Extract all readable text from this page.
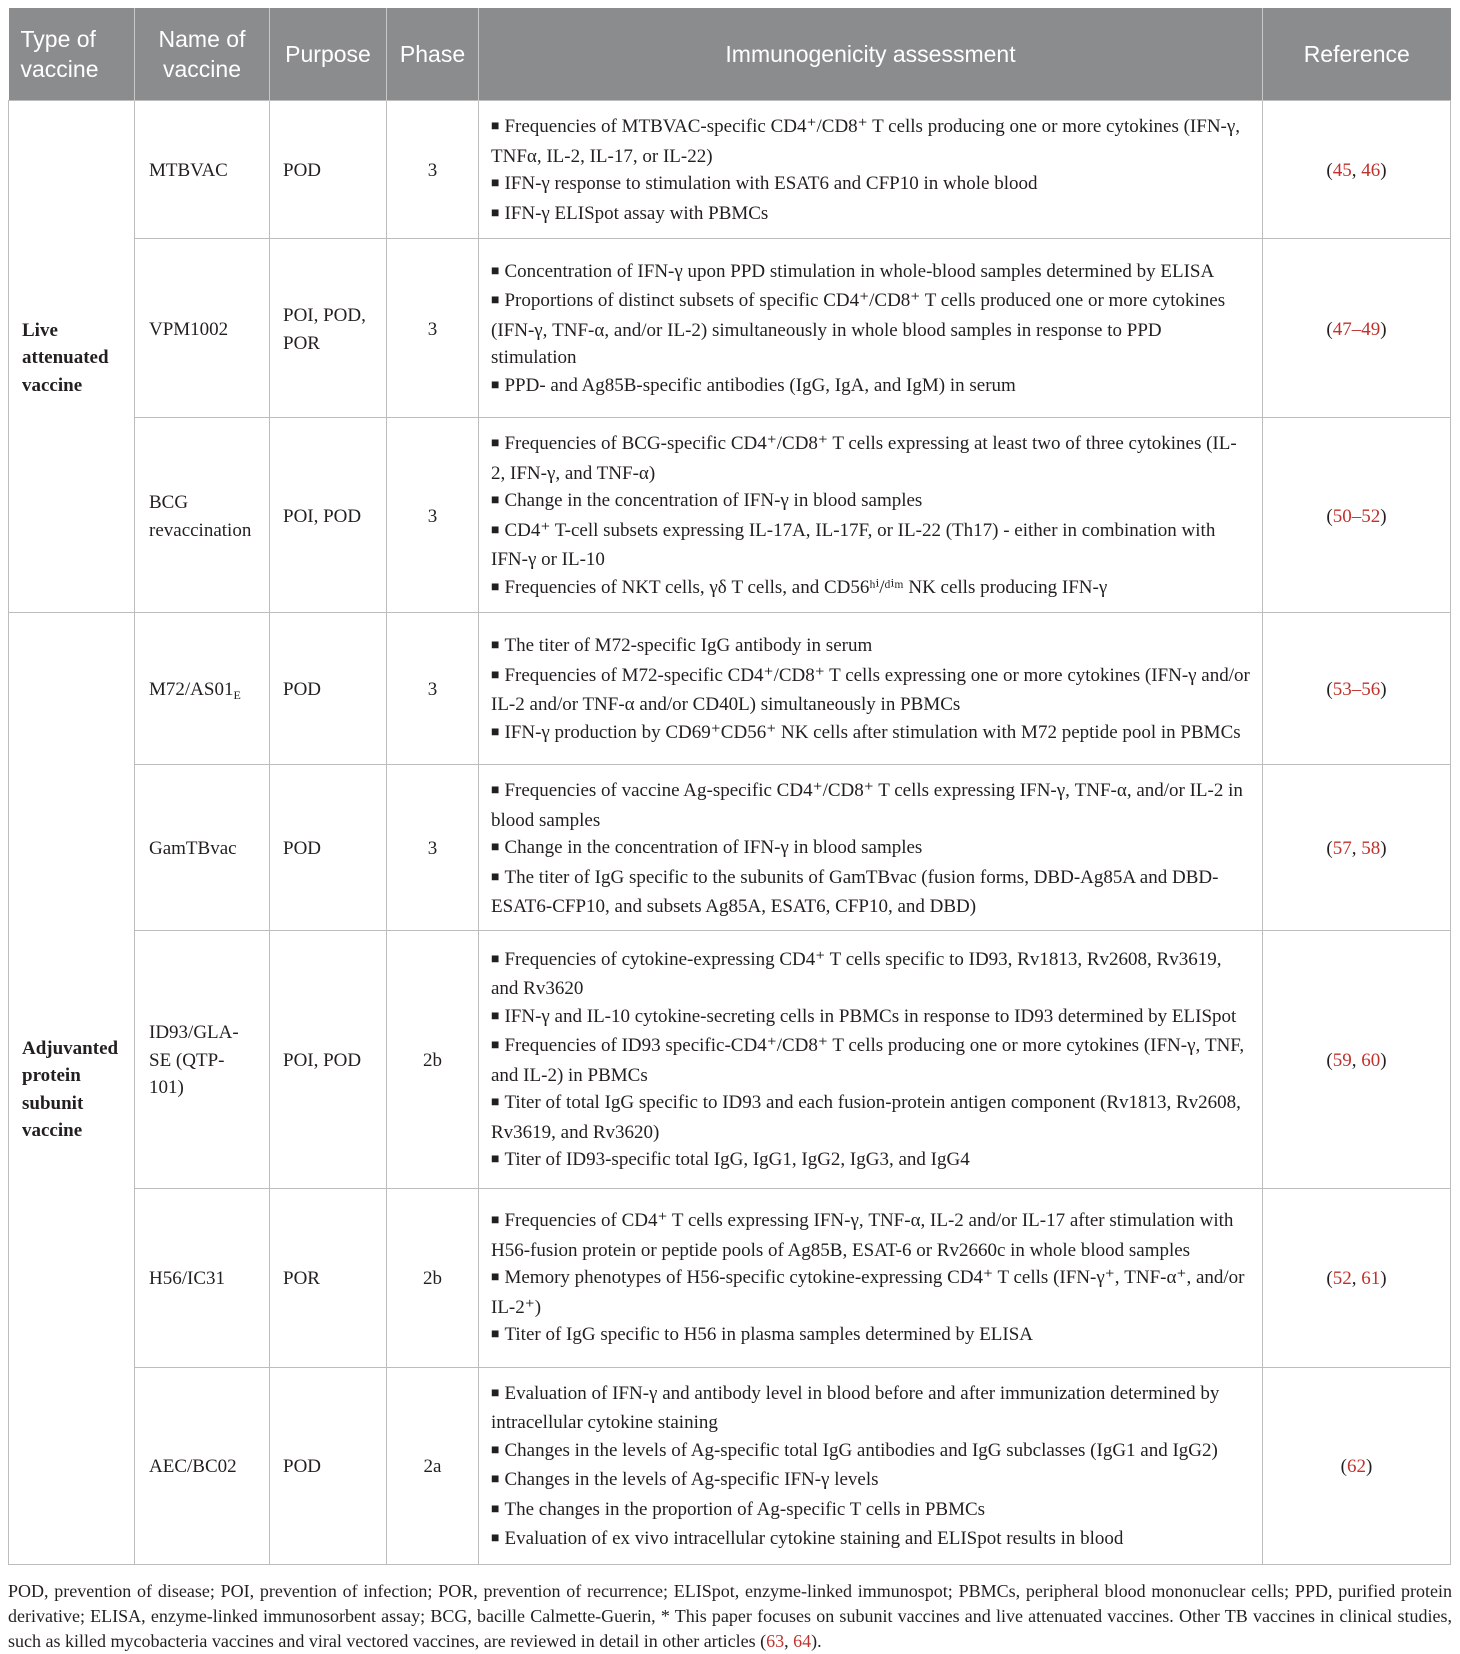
Type of vaccine	Name of vaccine	Purpose	Phase	Immunogenicity assessment	Reference
Live attenuated vaccine	MTBVAC	POD	3	■ Frequencies of MTBVAC-specific CD4⁺/CD8⁺ T cells producing one or more cytokines (IFN-γ, TNFα, IL-2, IL-17, or IL-22)
■ IFN-γ response to stimulation with ESAT6 and CFP10 in whole blood
■ IFN-γ ELISpot assay with PBMCs	(45, 46)
	VPM1002	POI, POD, POR	3	■ Concentration of IFN-γ upon PPD stimulation in whole-blood samples determined by ELISA
■ Proportions of distinct subsets of specific CD4⁺/CD8⁺ T cells produced one or more cytokines (IFN-γ, TNF-α, and/or IL-2) simultaneously in whole blood samples in response to PPD stimulation
■ PPD- and Ag85B-specific antibodies (IgG, IgA, and IgM) in serum	(47–49)
	BCG revaccination	POI, POD	3	■ Frequencies of BCG-specific CD4⁺/CD8⁺ T cells expressing at least two of three cytokines (IL-2, IFN-γ, and TNF-α)
■ Change in the concentration of IFN-γ in blood samples
■ CD4⁺ T-cell subsets expressing IL-17A, IL-17F, or IL-22 (Th17) - either in combination with IFN-γ or IL-10
■ Frequencies of NKT cells, γδ T cells, and CD56ʰⁱ/ᵈⁱᵐ NK cells producing IFN-γ	(50–52)
Adjuvanted protein subunit vaccine	$M72/AS01_E$	POD	3	■ The titer of M72-specific IgG antibody in serum
■ Frequencies of M72-specific CD4⁺/CD8⁺ T cells expressing one or more cytokines (IFN-γ and/or IL-2 and/or TNF-α and/or CD40L) simultaneously in PBMCs
■ IFN-γ production by CD69⁺CD56⁺ NK cells after stimulation with M72 peptide pool in PBMCs	(53–56)
	GamTBvac	POD	3	■ Frequencies of vaccine Ag-specific CD4⁺/CD8⁺ T cells expressing IFN-γ, TNF-α, and/or IL-2 in blood samples
■ Change in the concentration of IFN-γ in blood samples
■ The titer of IgG specific to the subunits of GamTBvac (fusion forms, DBD-Ag85A and DBD-ESAT6-CFP10, and subsets Ag85A, ESAT6, CFP10, and DBD)	(57, 58)
	ID93/GLA-SE (QTP-101)	POI, POD	2b	■ Frequencies of cytokine-expressing CD4⁺ T cells specific to ID93, Rv1813, Rv2608, Rv3619, and Rv3620
■ IFN-γ and IL-10 cytokine-secreting cells in PBMCs in response to ID93 determined by ELISpot
■ Frequencies of ID93 specific-CD4⁺/CD8⁺ T cells producing one or more cytokines (IFN-γ, TNF, and IL-2) in PBMCs
■ Titer of total IgG specific to ID93 and each fusion-protein antigen component (Rv1813, Rv2608, Rv3619, and Rv3620)
■ Titer of ID93-specific total IgG, IgG1, IgG2, IgG3, and IgG4	(59, 60)
	H56/IC31	POR	2b	■ Frequencies of CD4⁺ T cells expressing IFN-γ, TNF-α, IL-2 and/or IL-17 after stimulation with H56-fusion protein or peptide pools of Ag85B, ESAT-6 or Rv2660c in whole blood samples
■ Memory phenotypes of H56-specific cytokine-expressing CD4⁺ T cells (IFN-γ⁺, TNF-α⁺, and/or IL-2⁺)
■ Titer of IgG specific to H56 in plasma samples determined by ELISA	(52, 61)
	AEC/BC02	POD	2a	■ Evaluation of IFN-γ and antibody level in blood before and after immunization determined by intracellular cytokine staining
■ Changes in the levels of Ag-specific total IgG antibodies and IgG subclasses (IgG1 and IgG2)
■ Changes in the levels of Ag-specific IFN-γ levels
■ The changes in the proportion of Ag-specific T cells in PBMCs
■ Evaluation of ex vivo intracellular cytokine staining and ELISpot results in blood	(62)
POD, prevention of disease; POI, prevention of infection; POR, prevention of recurrence; ELISpot, enzyme-linked immunospot; PBMCs, peripheral blood mononuclear cells; PPD, purified protein derivative; ELISA, enzyme-linked immunosorbent assay; BCG, bacille Calmette-Guerin, * This paper focuses on subunit vaccines and live attenuated vaccines. Other TB vaccines in clinical studies, such as killed mycobacteria vaccines and viral vectored vaccines, are reviewed in detail in other articles (63, 64).
